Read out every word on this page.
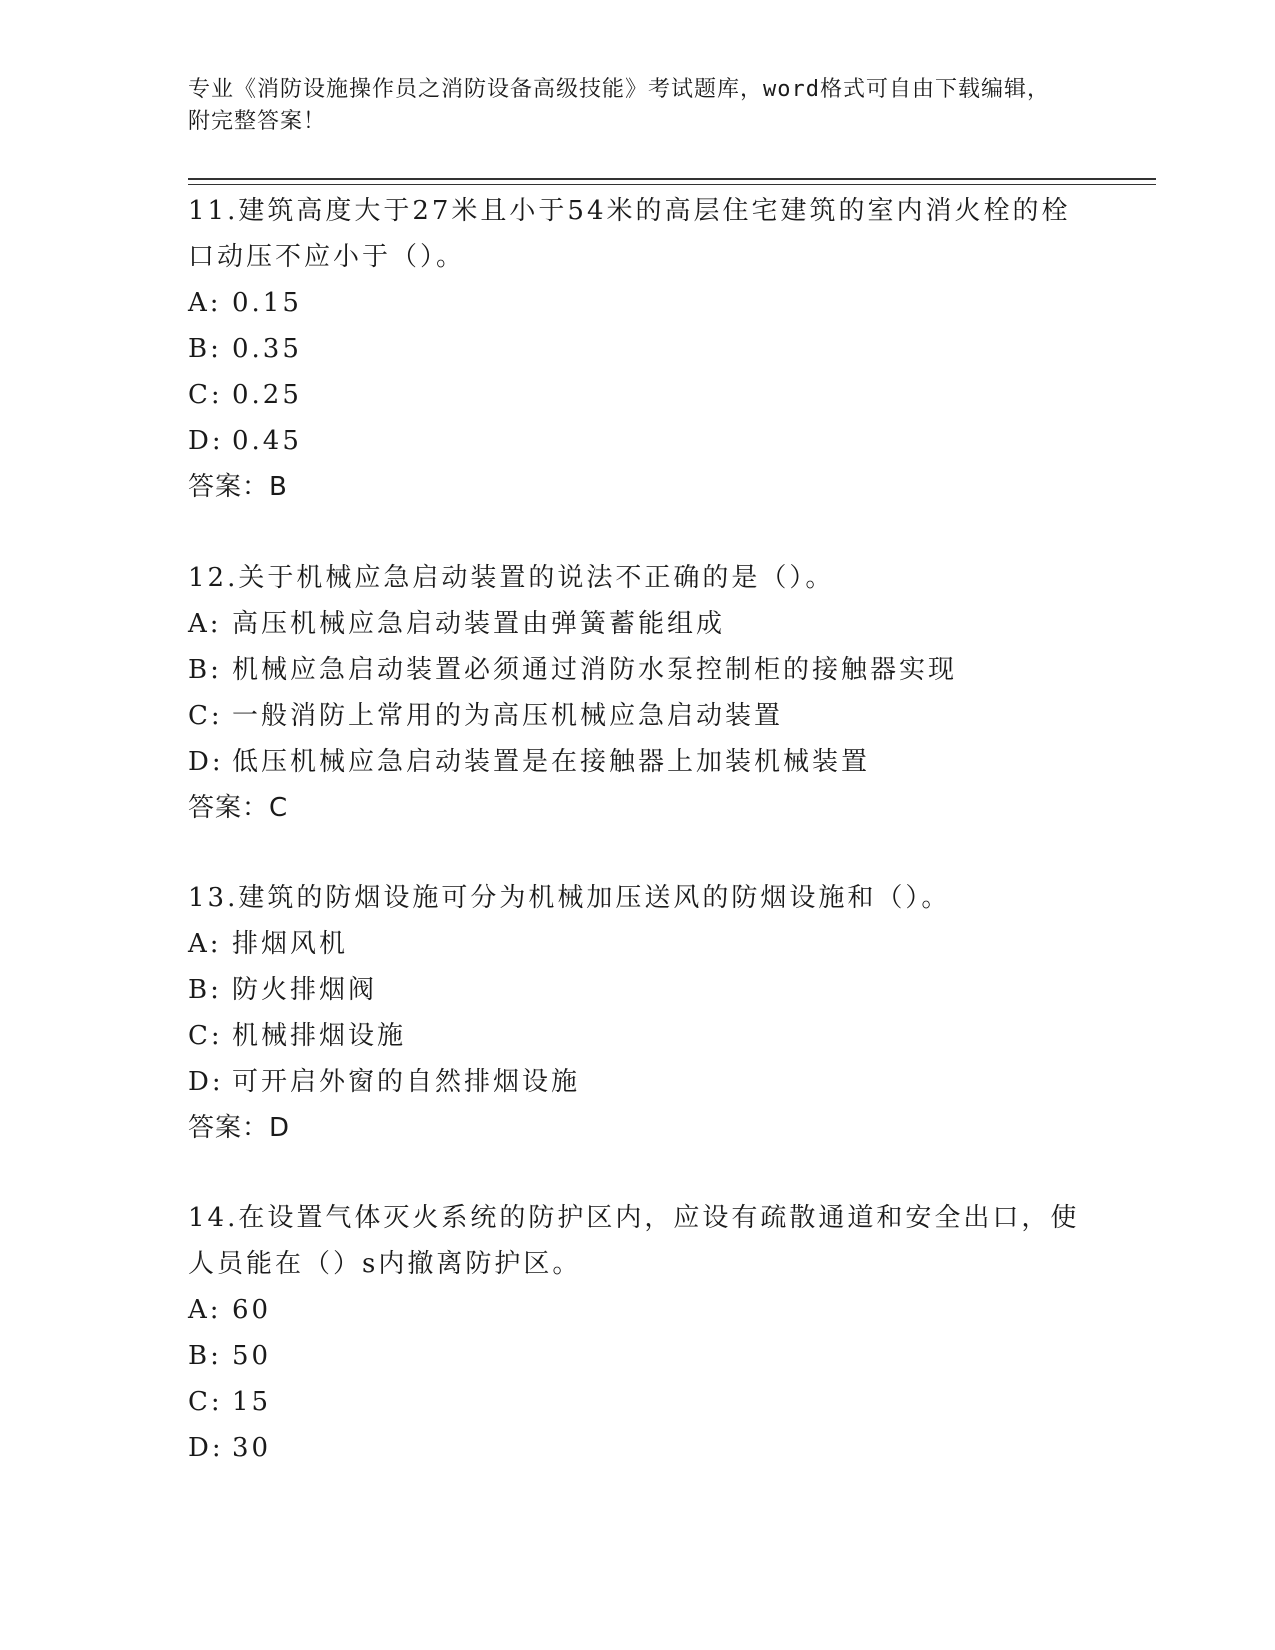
专业《消防设施操作员之消防设备高级技能》考试题库，word格式可自由下载编辑，附完整答案！

11.建筑高度大于27米且小于54米的高层住宅建筑的室内消火栓的栓口动压不应小于（）。

A: 0.15

B: 0.35

C: 0.25

D: 0.45

答案：B

12.关于机械应急启动装置的说法不正确的是（）。

A: 高压机械应急启动装置由弹簧蓄能组成

B: 机械应急启动装置必须通过消防水泵控制柜的接触器实现

C: 一般消防上常用的为高压机械应急启动装置

D: 低压机械应急启动装置是在接触器上加装机械装置

答案：C

13.建筑的防烟设施可分为机械加压送风的防烟设施和（）。

A: 排烟风机

B: 防火排烟阀

C: 机械排烟设施

D: 可开启外窗的自然排烟设施

答案：D

14.在设置气体灭火系统的防护区内，应设有疏散通道和安全出口，使人员能在（）s内撤离防护区。

A: 60

B: 50

C: 15

D: 30
